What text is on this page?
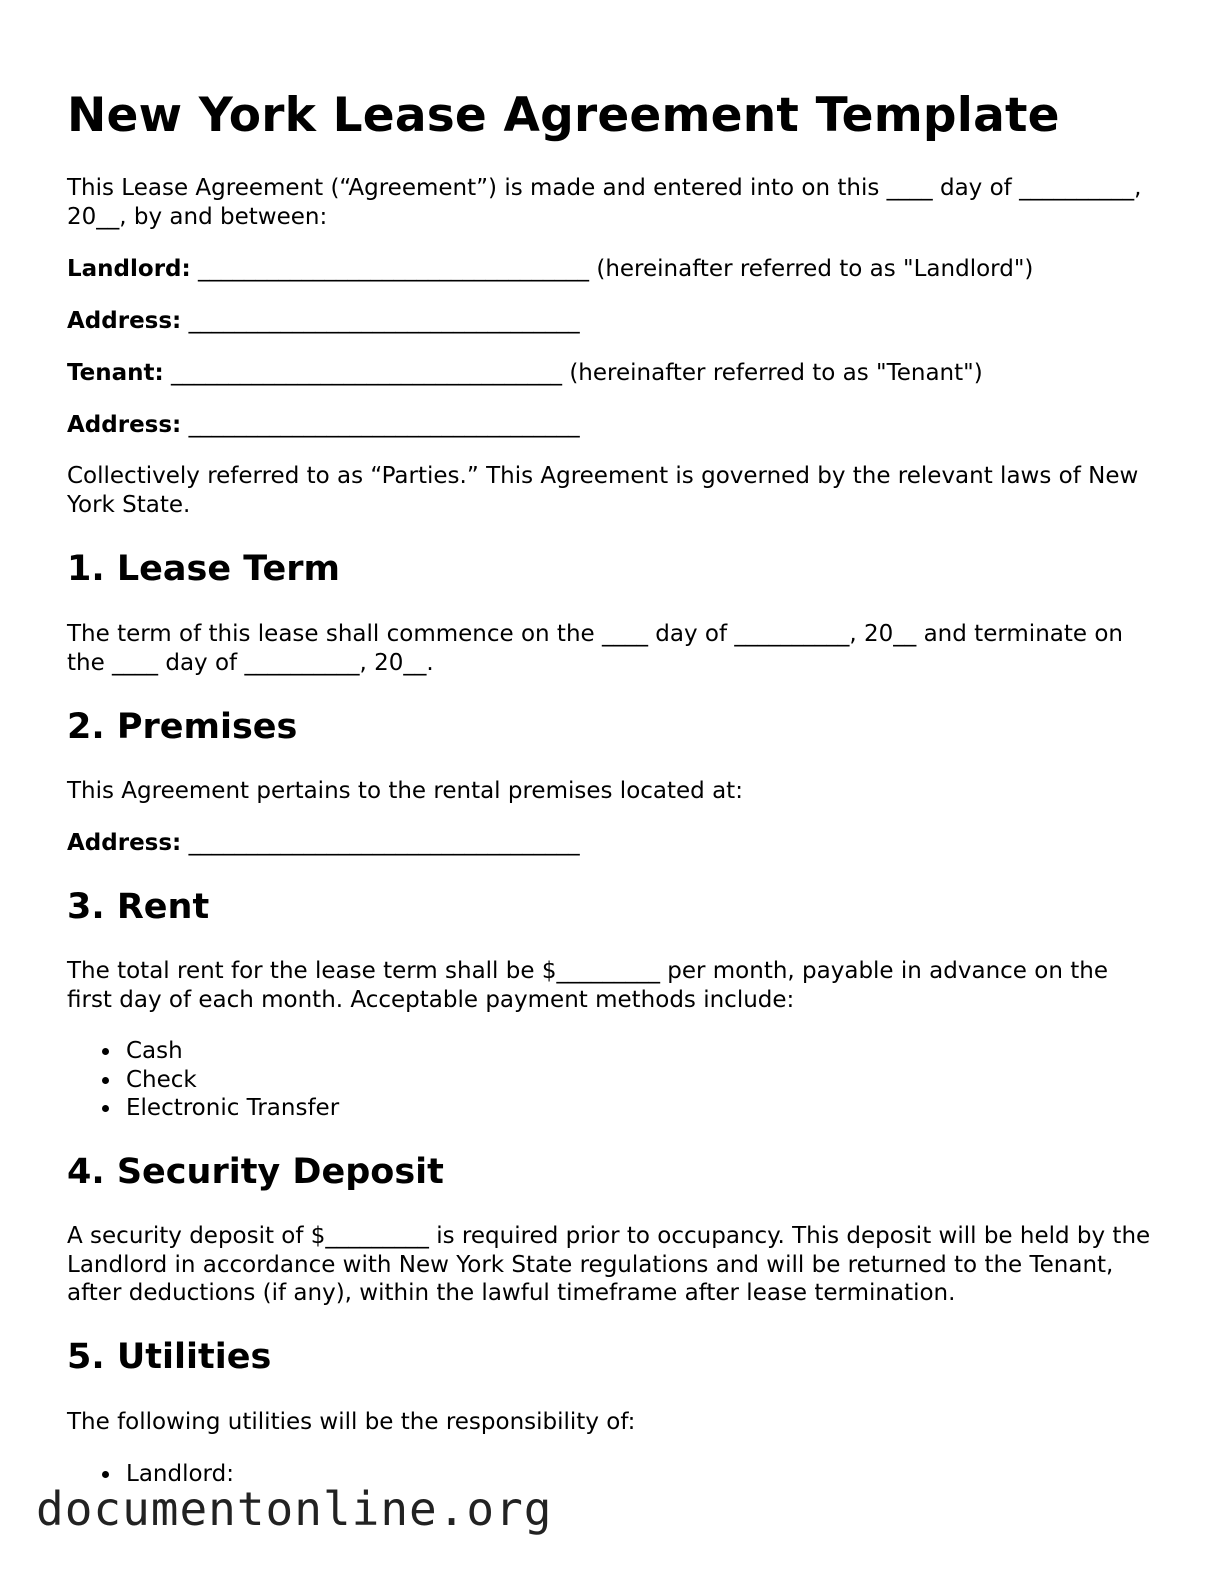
New York Lease Agreement Template

This Lease Agreement (“Agreement”) is made and entered into on this ____ day of __________, 20__, by and between:

Landlord: __________________________________ (hereinafter referred to as "Landlord")

Address: __________________________________

Tenant: __________________________________ (hereinafter referred to as "Tenant")

Address: __________________________________

Collectively referred to as “Parties.” This Agreement is governed by the relevant laws of New York State.

1. Lease Term

The term of this lease shall commence on the ____ day of __________, 20__ and terminate on the ____ day of __________, 20__.

2. Premises

This Agreement pertains to the rental premises located at:

Address: __________________________________

3. Rent

The total rent for the lease term shall be $_________ per month, payable in advance on the first day of each month. Acceptable payment methods include:

Cash
Check
Electronic Transfer
4. Security Deposit

A security deposit of $_________ is required prior to occupancy. This deposit will be held by the Landlord in accordance with New York State regulations and will be returned to the Tenant, after deductions (if any), within the lawful timeframe after lease termination.

5. Utilities

The following utilities will be the responsibility of:

Landlord:
documentonline.org
